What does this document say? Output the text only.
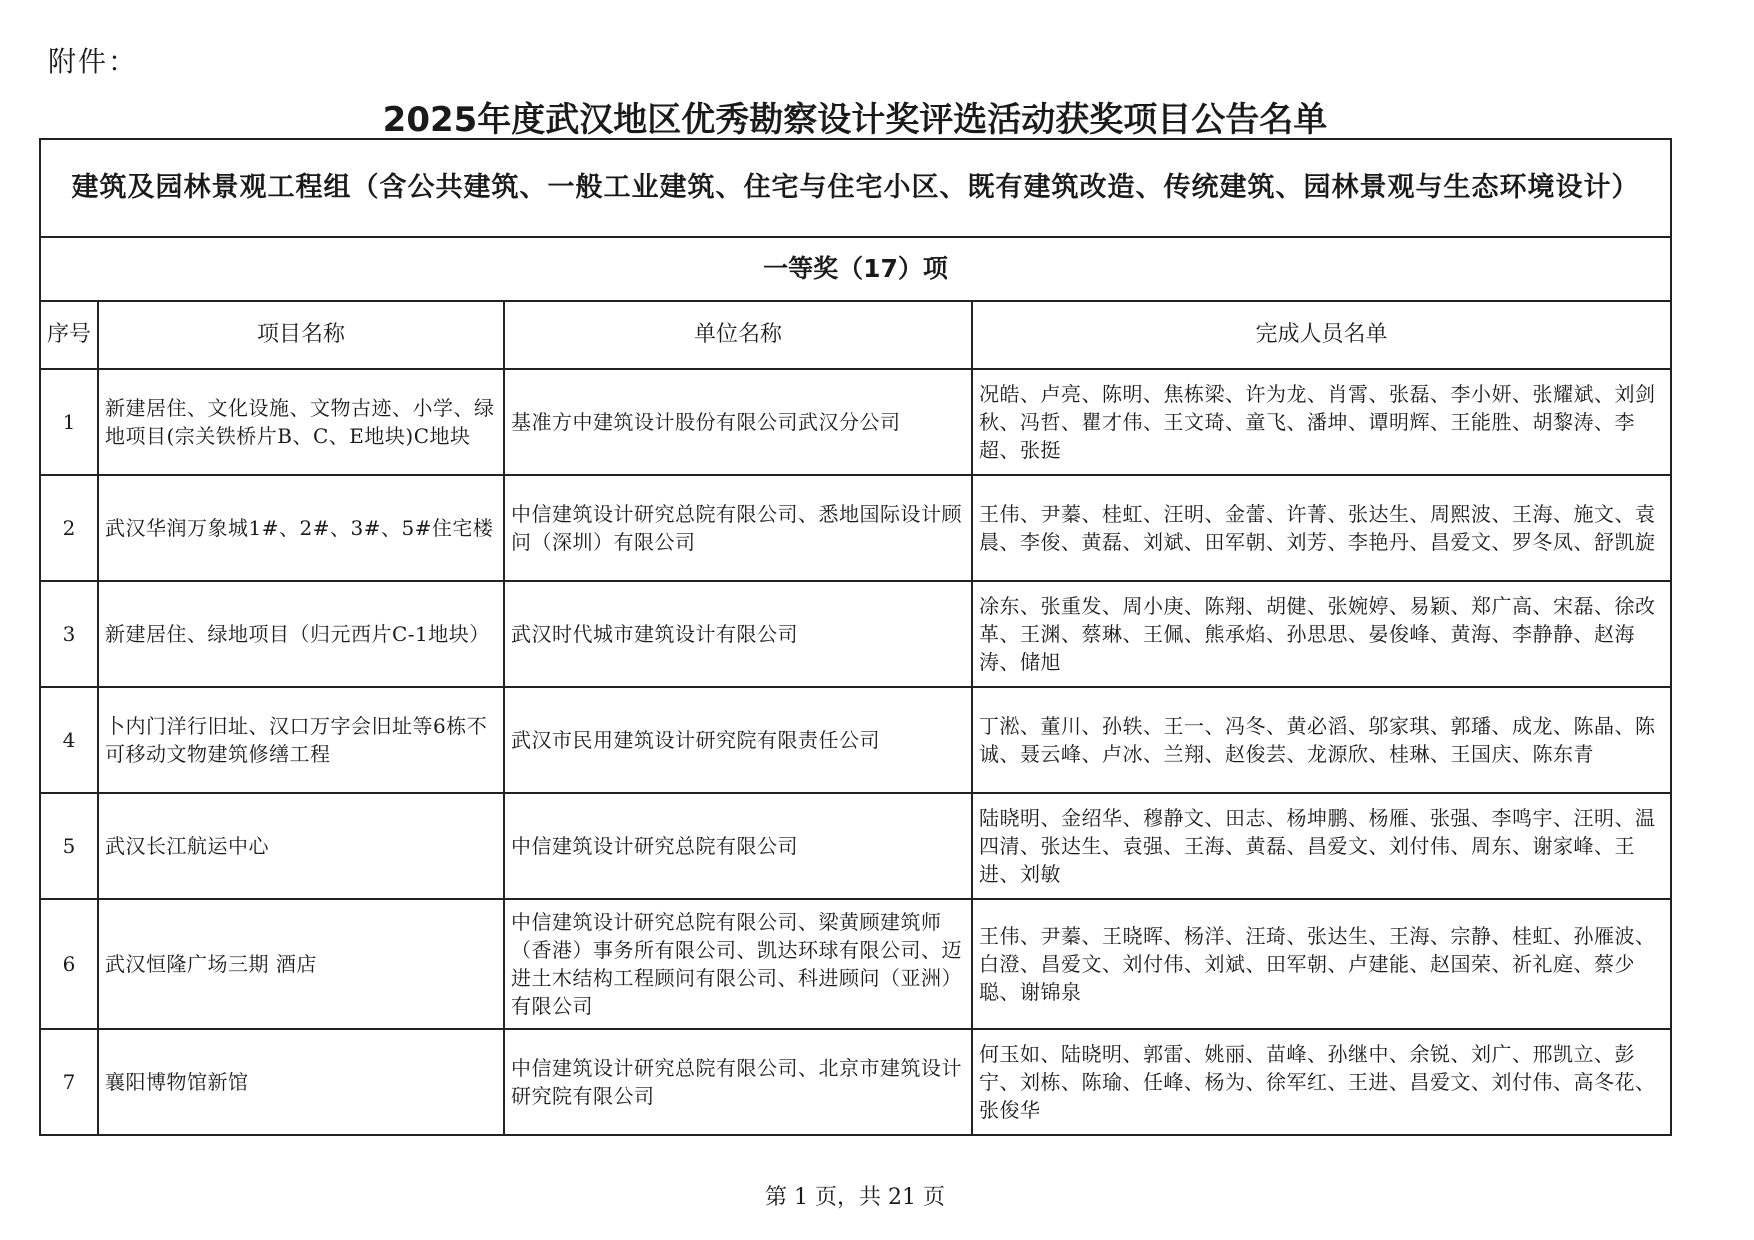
附件：
2025年度武汉地区优秀勘察设计奖评选活动获奖项目公告名单
建筑及园林景观工程组（含公共建筑、一般工业建筑、住宅与住宅小区、既有建筑改造、传统建筑、园林景观与生态环境设计）			
一等奖（17）项			
序号	项目名称	单位名称	完成人员名单
1	新建居住、文化设施、文物古迹、小学、绿地项目(宗关铁桥片B、C、E地块)C地块	基准方中建筑设计股份有限公司武汉分公司	况皓、卢亮、陈明、焦栋梁、许为龙、肖霄、张磊、李小妍、张耀斌、刘剑秋、冯哲、瞿才伟、王文琦、童飞、潘坤、谭明辉、王能胜、胡黎涛、李超、张挺
2	武汉华润万象城1#、2#、3#、5#住宅楼	中信建筑设计研究总院有限公司、悉地国际设计顾问（深圳）有限公司	王伟、尹蓁、桂虹、汪明、金蕾、许菁、张达生、周熙波、王海、施文、袁晨、李俊、黄磊、刘斌、田军朝、刘芳、李艳丹、昌爱文、罗冬凤、舒凯旋
3	新建居住、绿地项目（归元西片C-1地块）	武汉时代城市建筑设计有限公司	凃东、张重发、周小庚、陈翔、胡健、张婉婷、易颖、郑广高、宋磊、徐改革、王渊、蔡琳、王佩、熊承焰、孙思思、晏俊峰、黄海、李静静、赵海涛、储旭
4	卜内门洋行旧址、汉口万字会旧址等6栋不可移动文物建筑修缮工程	武汉市民用建筑设计研究院有限责任公司	丁淞、董川、孙轶、王一、冯冬、黄必滔、邬家琪、郭璠、成龙、陈晶、陈诚、聂云峰、卢冰、兰翔、赵俊芸、龙源欣、桂琳、王国庆、陈东青
5	武汉长江航运中心	中信建筑设计研究总院有限公司	陆晓明、金绍华、穆静文、田志、杨坤鹏、杨雁、张强、李鸣宇、汪明、温四清、张达生、袁强、王海、黄磊、昌爱文、刘付伟、周东、谢家峰、王进、刘敏
6	武汉恒隆广场三期 酒店	中信建筑设计研究总院有限公司、梁黄顾建筑师（香港）事务所有限公司、凯达环球有限公司、迈进土木结构工程顾问有限公司、科进顾问（亚洲）有限公司	王伟、尹蓁、王晓晖、杨洋、汪琦、张达生、王海、宗静、桂虹、孙雁波、白澄、昌爱文、刘付伟、刘斌、田军朝、卢建能、赵国荣、祈礼庭、蔡少聪、谢锦泉
7	襄阳博物馆新馆	中信建筑设计研究总院有限公司、北京市建筑设计研究院有限公司	何玉如、陆晓明、郭雷、姚丽、苗峰、孙继中、余锐、刘广、邢凯立、彭宁、刘栋、陈瑜、任峰、杨为、徐军红、王进、昌爱文、刘付伟、高冬花、张俊华
第 1 页，共 21 页
